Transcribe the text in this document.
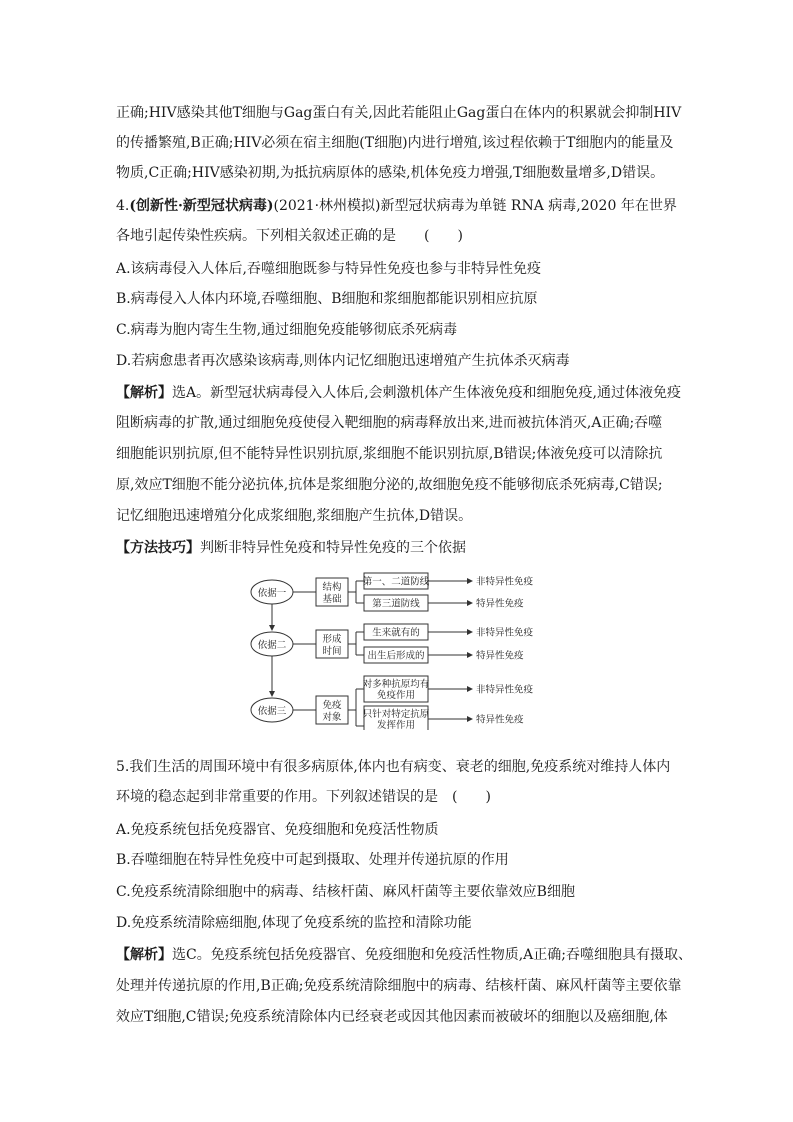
正确;HIV感染其他T细胞与Gag蛋白有关,因此若能阻止Gag蛋白在体内的积累就会抑制HIV
的传播繁殖,B正确;HIV必须在宿主细胞(T细胞)内进行增殖,该过程依赖于T细胞内的能量及
物质,C正确;HIV感染初期,为抵抗病原体的感染,机体免疫力增强,T细胞数量增多,D错误。
4.(创新性·新型冠状病毒)(2021·林州模拟)新型冠状病毒为单链 RNA 病毒,2020 年在世界
各地引起传染性疾病。下列相关叙述正确的是　　(　　)
A.该病毒侵入人体后,吞噬细胞既参与特异性免疫也参与非特异性免疫
B.病毒侵入人体内环境,吞噬细胞、B细胞和浆细胞都能识别相应抗原
C.病毒为胞内寄生生物,通过细胞免疫能够彻底杀死病毒
D.若病愈患者再次感染该病毒,则体内记忆细胞迅速增殖产生抗体杀灭病毒
【解析】选A。新型冠状病毒侵入人体后,会刺激机体产生体液免疫和细胞免疫,通过体液免疫
阻断病毒的扩散,通过细胞免疫使侵入靶细胞的病毒释放出来,进而被抗体消灭,A正确;吞噬
细胞能识别抗原,但不能特异性识别抗原,浆细胞不能识别抗原,B错误;体液免疫可以清除抗
原,效应T细胞不能分泌抗体,抗体是浆细胞分泌的,故细胞免疫不能够彻底杀死病毒,C错误;
记忆细胞迅速增殖分化成浆细胞,浆细胞产生抗体,D错误。
【方法技巧】判断非特异性免疫和特异性免疫的三个依据
依据一
依据二
依据三
结构
基础
形成
时间
免疫
对象
第一、二道防线
第三道防线
生来就有的
出生后形成的
对多种抗原均有
免疫作用
只针对特定抗原
发挥作用
非特异性免疫
特异性免疫
非特异性免疫
特异性免疫
非特异性免疫
特异性免疫
5.我们生活的周围环境中有很多病原体,体内也有病变、衰老的细胞,免疫系统对维持人体内
环境的稳态起到非常重要的作用。下列叙述错误的是　(　　)
A.免疫系统包括免疫器官、免疫细胞和免疫活性物质
B.吞噬细胞在特异性免疫中可起到摄取、处理并传递抗原的作用
C.免疫系统清除细胞中的病毒、结核杆菌、麻风杆菌等主要依靠效应B细胞
D.免疫系统清除癌细胞,体现了免疫系统的监控和清除功能
【解析】选C。免疫系统包括免疫器官、免疫细胞和免疫活性物质,A正确;吞噬细胞具有摄取、
处理并传递抗原的作用,B正确;免疫系统清除细胞中的病毒、结核杆菌、麻风杆菌等主要依靠
效应T细胞,C错误;免疫系统清除体内已经衰老或因其他因素而被破坏的细胞以及癌细胞,体
